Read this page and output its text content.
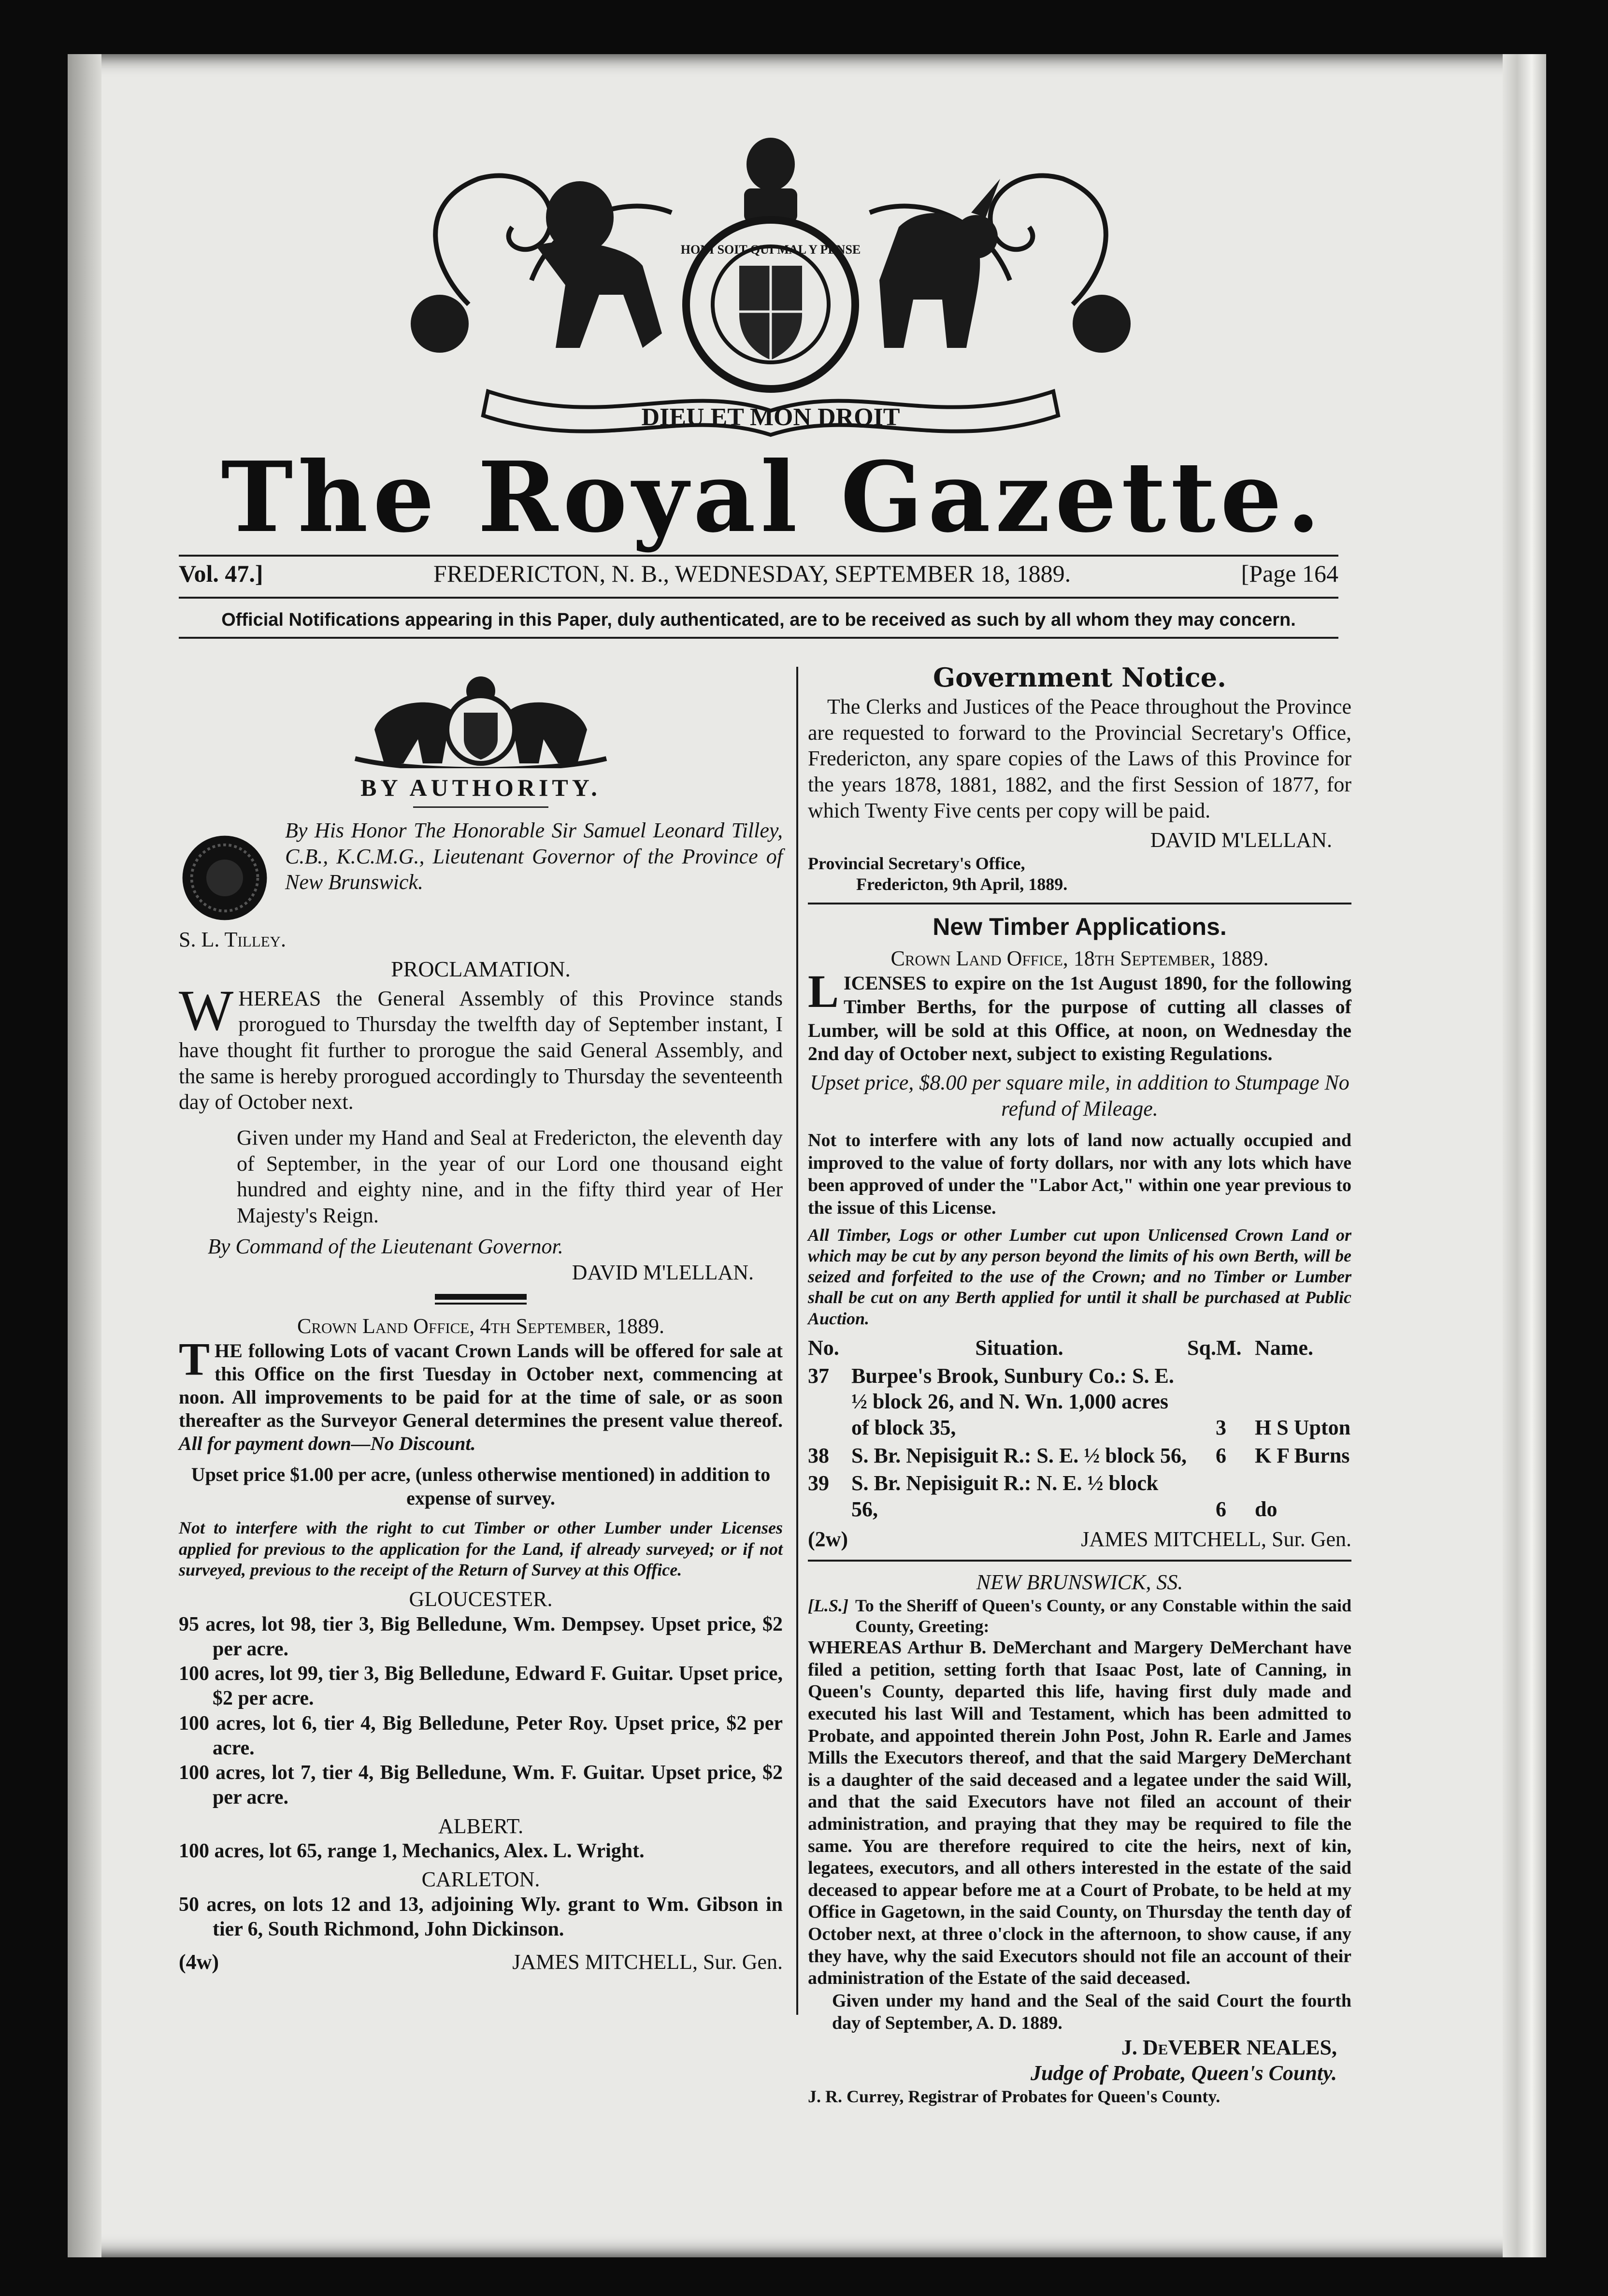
DIEU ET MON DROIT
HONI SOIT QUI MAL Y PENSE
The Royal Gazette.
Vol. 47.]	FREDERICTON, N. B., WEDNESDAY, SEPTEMBER 18, 1889.	[Page 164
Official Notifications appearing in this Paper, duly authenticated, are to be received as such by all whom they may concern.

BY AUTHORITY.

By His Honor The Honorable Sir Samuel Leonard Tilley, C.B., K.C.M.G., Lieutenant Governor of the Province of New Brunswick.

S. L. Tilley.

PROCLAMATION.

WHEREAS the General Assembly of this Province stands prorogued to Thursday the twelfth day of September instant, I have thought fit further to prorogue the said General Assembly, and the same is hereby prorogued accordingly to Thursday the seventeenth day of October next.

Given under my Hand and Seal at Fredericton, the eleventh day of September, in the year of our Lord one thousand eight hundred and eighty nine, and in the fifty third year of Her Majesty's Reign.

By Command of the Lieutenant Governor.

DAVID M'LELLAN.

Crown Land Office, 4th September, 1889.

THE following Lots of vacant Crown Lands will be offered for sale at this Office on the first Tuesday in October next, commencing at noon. All improvements to be paid for at the time of sale, or as soon thereafter as the Surveyor General determines the present value thereof. All for payment down—No Discount.

Upset price $1.00 per acre, (unless otherwise mentioned) in addition to expense of survey.

Not to interfere with the right to cut Timber or other Lumber under Licenses applied for previous to the application for the Land, if already surveyed; or if not surveyed, previous to the receipt of the Return of Survey at this Office.

GLOUCESTER.

95 acres, lot 98, tier 3, Big Belledune, Wm. Dempsey. Upset price, $2 per acre.

100 acres, lot 99, tier 3, Big Belledune, Edward F. Guitar. Upset price, $2 per acre.

100 acres, lot 6, tier 4, Big Belledune, Peter Roy. Upset price, $2 per acre.

100 acres, lot 7, tier 4, Big Belledune, Wm. F. Guitar. Upset price, $2 per acre.

ALBERT.

100 acres, lot 65, range 1, Mechanics, Alex. L. Wright.

CARLETON.

50 acres, on lots 12 and 13, adjoining Wly. grant to Wm. Gibson in tier 6, South Richmond, John Dickinson.

(4w)	JAMES MITCHELL, Sur. Gen.

Government Notice.

The Clerks and Justices of the Peace throughout the Province are requested to forward to the Provincial Secretary's Office, Fredericton, any spare copies of the Laws of this Province for the years 1878, 1881, 1882, and the first Session of 1877, for which Twenty Five cents per copy will be paid.

DAVID M'LELLAN.

Provincial Secretary's Office,

Fredericton, 9th April, 1889.

New Timber Applications.

Crown Land Office, 18th September, 1889.

LICENSES to expire on the 1st August 1890, for the following Timber Berths, for the purpose of cutting all classes of Lumber, will be sold at this Office, at noon, on Wednesday the 2nd day of October next, subject to existing Regulations.

Upset price, $8.00 per square mile, in addition to Stumpage No refund of Mileage.

Not to interfere with any lots of land now actually occupied and improved to the value of forty dollars, nor with any lots which have been approved of under the "Labor Act," within one year previous to the issue of this License.

All Timber, Logs or other Lumber cut upon Unlicensed Crown Land or which may be cut by any person beyond the limits of his own Berth, will be seized and forfeited to the use of the Crown; and no Timber or Lumber shall be cut on any Berth applied for until it shall be purchased at Public Auction.

No.	Situation.	Sq.M.	Name.
37	Burpee's Brook, Sunbury Co.: S. E. ½ block 26, and N. Wn. 1,000 acres of block 35,	3	H S Upton
38	S. Br. Nepisiguit R.: S. E. ½ block 56,	6	K F Burns
39	S. Br. Nepisiguit R.: N. E. ½ block 56,	6	do
(2w)	JAMES MITCHELL, Sur. Gen.

NEW BRUNSWICK, SS.

[L.S.] To the Sheriff of Queen's County, or any Constable within the said County, Greeting:

WHEREAS Arthur B. DeMerchant and Margery DeMerchant have filed a petition, setting forth that Isaac Post, late of Canning, in Queen's County, departed this life, having first duly made and executed his last Will and Testament, which has been admitted to Probate, and appointed therein John Post, John R. Earle and James Mills the Executors thereof, and that the said Margery DeMerchant is a daughter of the said deceased and a legatee under the said Will, and that the said Executors have not filed an account of their administration, and praying that they may be required to file the same. You are therefore required to cite the heirs, next of kin, legatees, executors, and all others interested in the estate of the said deceased to appear before me at a Court of Probate, to be held at my Office in Gagetown, in the said County, on Thursday the tenth day of October next, at three o'clock in the afternoon, to show cause, if any they have, why the said Executors should not file an account of their administration of the Estate of the said deceased.

Given under my hand and the Seal of the said Court the fourth day of September, A. D. 1889.

J. DeVEBER NEALES,

Judge of Probate, Queen's County.

J. R. Currey, Registrar of Probates for Queen's County.
